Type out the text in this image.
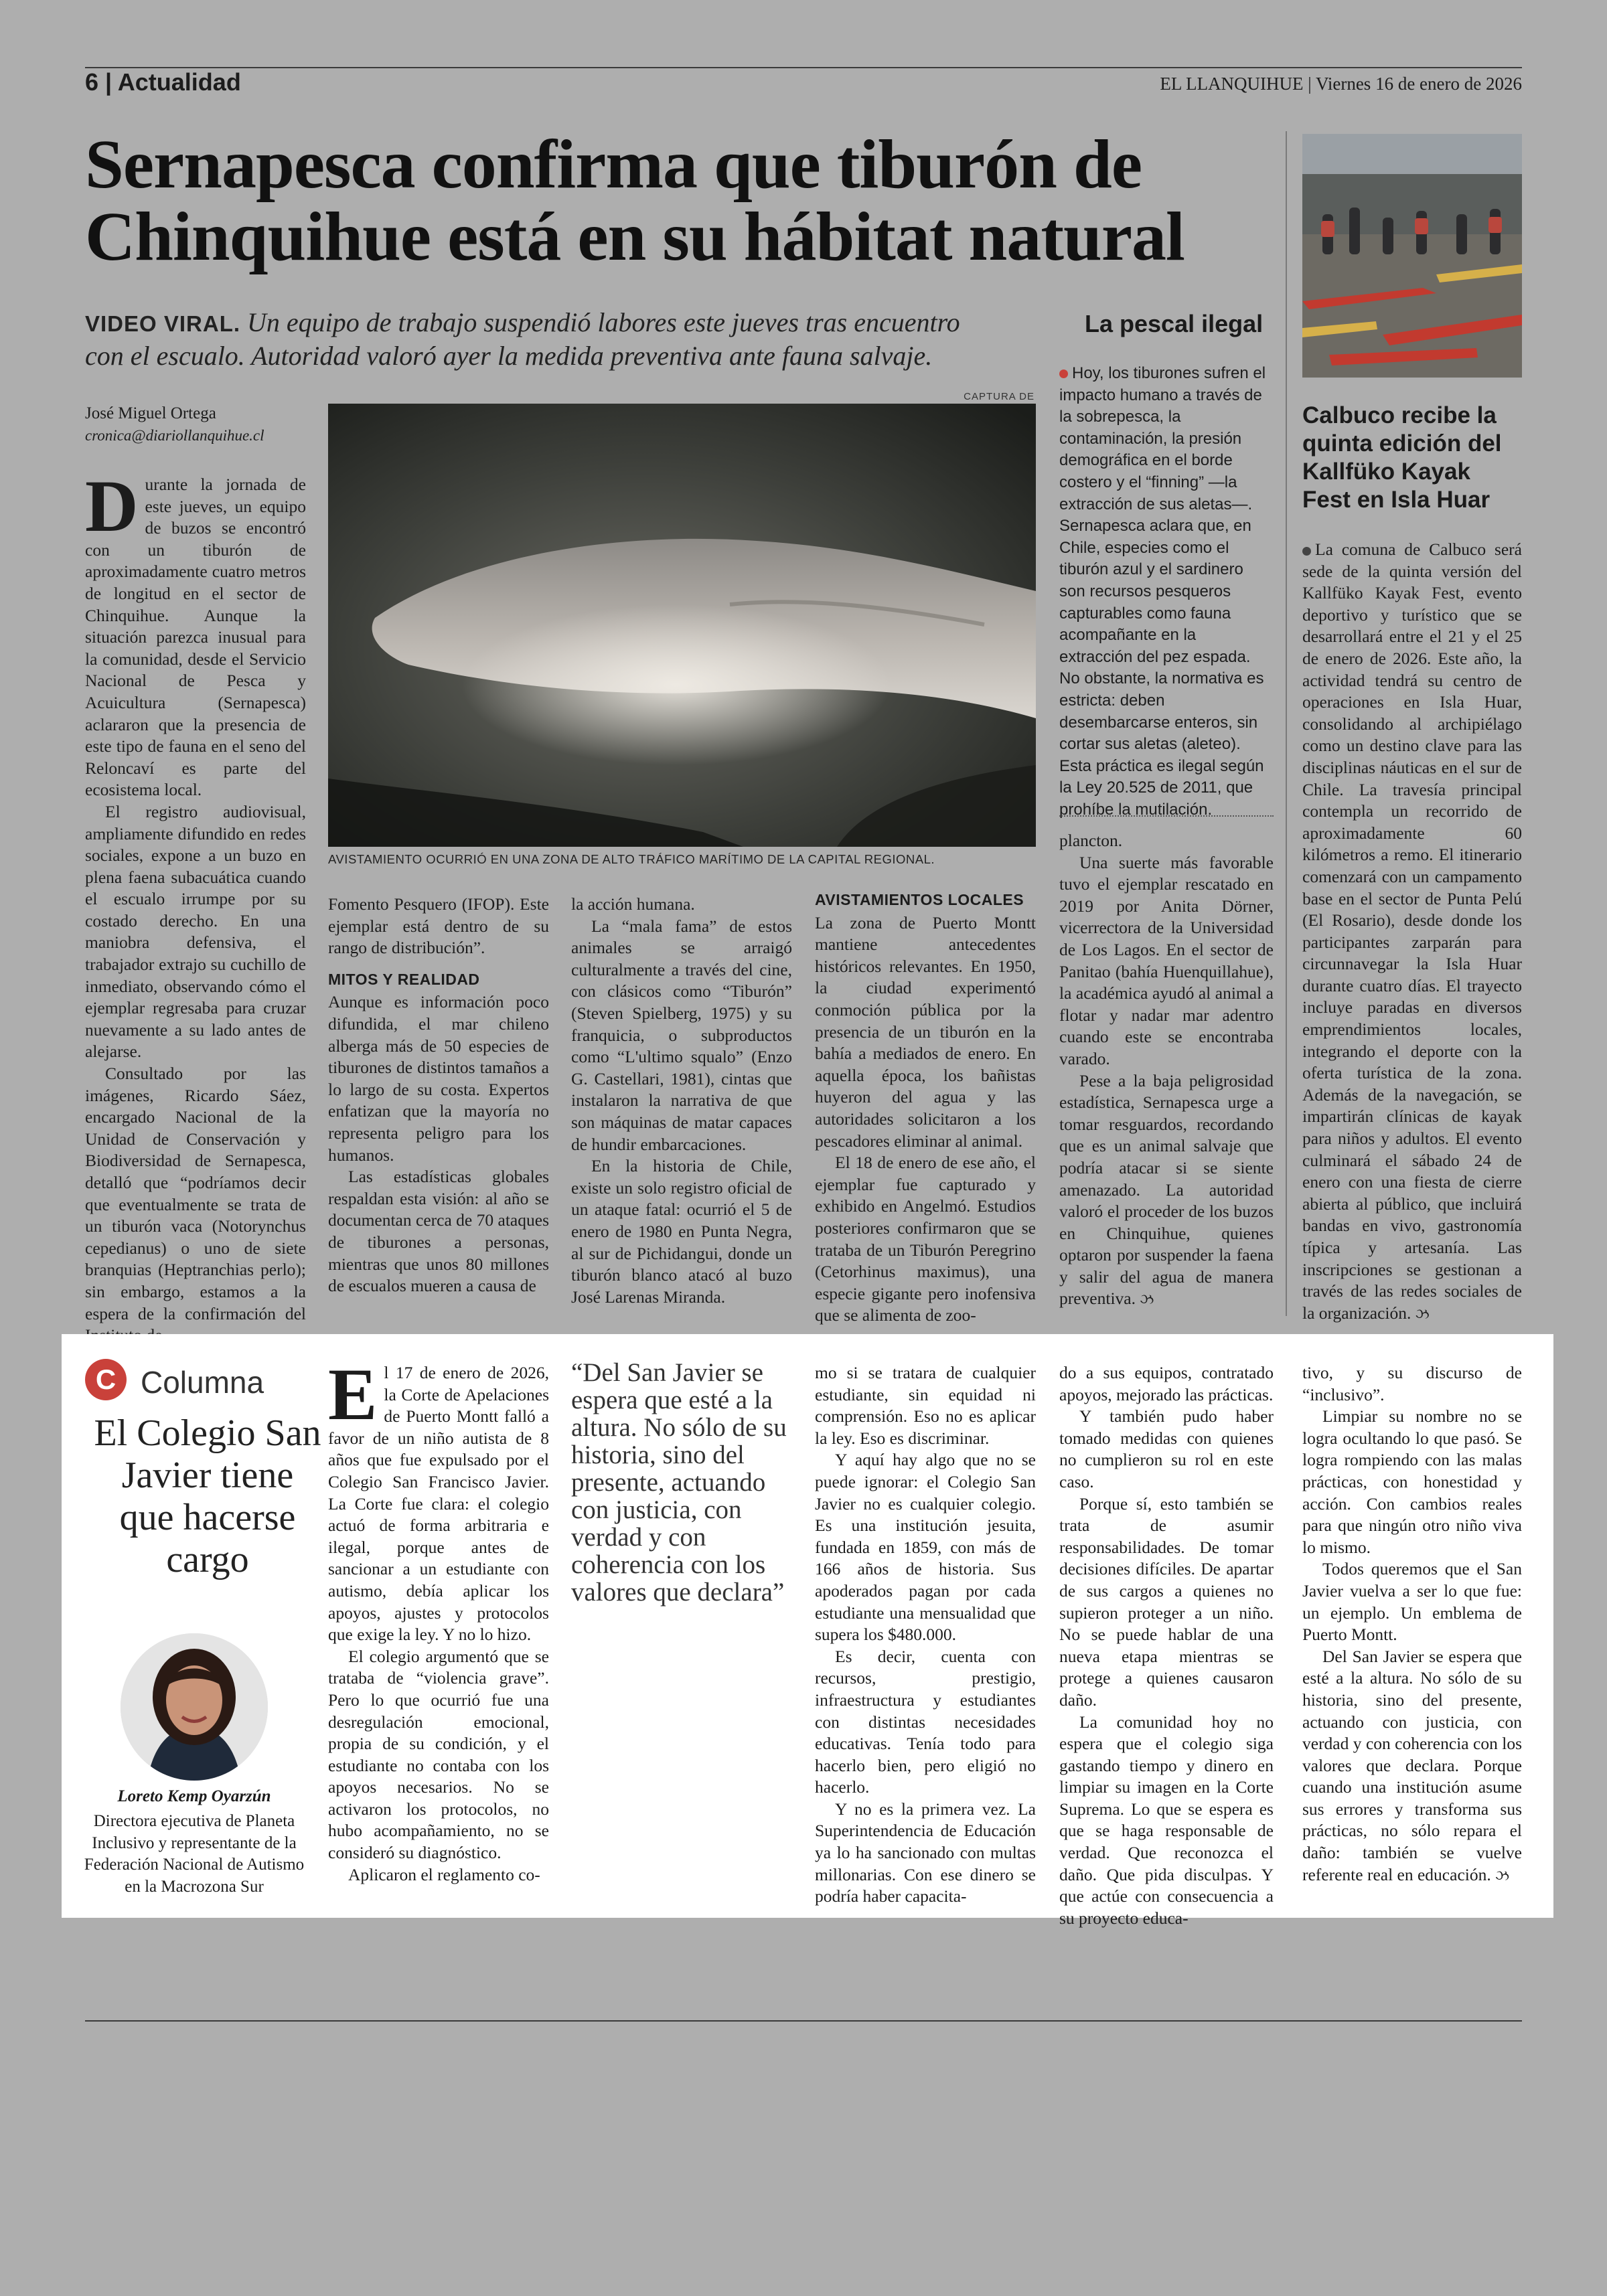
6 | Actualidad	EL LLANQUIHUE | Viernes 16 de enero de 2026
Sernapesca confirma que tiburón de
Chinquihue está en su hábitat natural
VIDEO VIRAL. Un equipo de trabajo suspendió labores este jueves tras encuentro
con el escualo. Autoridad valoró ayer la medida preventiva ante fauna salvaje.
José Miguel Ortega
cronica@diariollanquihue.cl
CAPTURA DE
AVISTAMIENTO OCURRIÓ EN UNA ZONA DE ALTO TRÁFICO MARÍTIMO DE LA CAPITAL REGIONAL.

Durante la jornada de este jueves, un equipo de buzos se encontró con un tiburón de aproximadamente cuatro metros de longitud en el sector de Chinquihue. Aunque la situación parezca inusual para la comunidad, desde el Servicio Nacional de Pesca y Acuicultura (Sernapesca) aclararon que la presencia de este tipo de fauna en el seno del Reloncaví es parte del ecosistema local.

El registro audiovisual, ampliamente difundido en redes sociales, expone a un buzo en plena faena subacuática cuando el escualo irrumpe por su costado derecho. En una maniobra defensiva, el trabajador extrajo su cuchillo de inmediato, observando cómo el ejemplar regresaba para cruzar nuevamente a su lado antes de alejarse.

Consultado por las imágenes, Ricardo Sáez, encargado Nacional de la Unidad de Conservación y Biodiversidad de Sernapesca, detalló que “podríamos decir que eventualmente se trata de un tiburón vaca (Notorynchus cepedianus) o uno de siete branquias (Heptranchias perlo); sin embargo, estamos a la espera de la confirmación del

Fomento Pesquero (IFOP). Este ejemplar está dentro de su rango de distribución”.

MITOS Y REALIDAD

Aunque es información poco difundida, el mar chileno alberga más de 50 especies de tiburones de distintos tamaños a lo largo de su costa. Expertos enfatizan que la mayoría no representa peligro para los humanos.

Las estadísticas globales respaldan esta visión: al año se documentan cerca de 70 ataques de tiburones a personas, mientras que unos 80 millones de escualos mueren a causa de

la acción humana.

La “mala fama” de estos animales se arraigó culturalmente a través del cine, con clásicos como “Tiburón” (Steven Spielberg, 1975) y su franquicia, o subproductos como “L'ultimo squalo” (Enzo G. Castellari, 1981), cintas que instalaron la narrativa de que son máquinas de matar capaces de hundir embarcaciones.

En la historia de Chile, existe un solo registro oficial de un ataque fatal: ocurrió el 5 de enero de 1980 en Punta Negra, al sur de Pichidangui, donde un tiburón blanco atacó al buzo José Larenas Miranda.

AVISTAMIENTOS LOCALES

La zona de Puerto Montt mantiene antecedentes históricos relevantes. En 1950, la ciudad experimentó conmoción pública por la presencia de un tiburón en la bahía a mediados de enero. En aquella época, los bañistas huyeron del agua y las autoridades solicitaron a los pescadores eliminar al animal.

El 18 de enero de ese año, el ejemplar fue capturado y exhibido en Angelmó. Estudios posteriores confirmaron que se trataba de un Tiburón Peregrino (Cetorhinus maximus), una especie gigante pero inofensiva que se alimenta de zoo-

La pescal ilegal
Hoy, los tiburones sufren el impacto humano a través de la sobrepesca, la contaminación, la presión demográfica en el borde costero y el “finning” —la extracción de sus aletas—. Sernapesca aclara que, en Chile, especies como el tiburón azul y el sardinero son recursos pesqueros capturables como fauna acompañante en la extracción del pez espada. No obstante, la normativa es estricta: deben desembarcarse enteros, sin cortar sus aletas (aleteo). Esta práctica es ilegal según la Ley 20.525 de 2011, que prohíbe la mutilación.

plancton.

Una suerte más favorable tuvo el ejemplar rescatado en 2019 por Anita Dörner, vicerrectora de la Universidad de Los Lagos. En el sector de Panitao (bahía Huenquillahue), la académica ayudó al animal a flotar y nadar mar adentro cuando este se encontraba varado.

Pese a la baja peligrosidad estadística, Sernapesca urge a tomar resguardos, recordando que es un animal salvaje que podría atacar si se siente amenazado. La autoridad valoró el proceder de los buzos en Chinquihue, quienes optaron por suspender la faena y salir del agua de manera preventiva. ઝ

Calbuco recibe la quinta edición del Kallfüko Kayak Fest en Isla Huar

La comuna de Calbuco será sede de la quinta versión del Kallfüko Kayak Fest, evento deportivo y turístico que se desarrollará entre el 21 y el 25 de enero de 2026. Este año, la actividad tendrá su centro de operaciones en Isla Huar, consolidando al archipiélago como un destino clave para las disciplinas náuticas en el sur de Chile. La travesía principal contempla un recorrido de aproximadamente 60 kilómetros a remo. El itinerario comenzará con un campamento base en el sector de Punta Pelú (El Rosario), desde donde los participantes zarparán para circunnavegar la Isla Huar durante cuatro días. El trayecto incluye paradas en diversos emprendimientos locales, integrando el deporte con la oferta turística de la zona. Además de la navegación, se impartirán clínicas de kayak para niños y adultos. El evento culminará el sábado 24 de enero con una fiesta de cierre abierta al público, que incluirá bandas en vivo, gastronomía típica y artesanía. Las inscripciones se gestionan a través de las redes sociales de la organización. ઝ

C Columna
El Colegio San Javier tiene que hacerse cargo
Loreto Kemp Oyarzún
Directora ejecutiva de Planeta Inclusivo y representante de la Federación Nacional de Autismo en la Macrozona Sur

El 17 de enero de 2026, la Corte de Apelaciones de Puerto Montt falló a favor de un niño autista de 8 años que fue expulsado por el Colegio San Francisco Javier. La Corte fue clara: el colegio actuó de forma arbitraria e ilegal, porque antes de sancionar a un estudiante con autismo, debía aplicar los apoyos, ajustes y protocolos que exige la ley. Y no lo hizo.

El colegio argumentó que se trataba de “violencia grave”. Pero lo que ocurrió fue una desregulación emocional, propia de su condición, y el estudiante no contaba con los apoyos necesarios. No se activaron los protocolos, no hubo acompañamiento, no se consideró su diagnóstico.

Aplicaron el reglamento co-

“Del San Javier se espera que esté a la altura. No sólo de su historia, sino del presente, actuando con justicia, con verdad y con coherencia con los valores que declara”

mo si se tratara de cualquier estudiante, sin equidad ni comprensión. Eso no es aplicar la ley. Eso es discriminar.

Y aquí hay algo que no se puede ignorar: el Colegio San Javier no es cualquier colegio. Es una institución jesuita, fundada en 1859, con más de 166 años de historia. Sus apoderados pagan por cada estudiante una mensualidad que supera los $480.000.

Es decir, cuenta con recursos, prestigio, infraestructura y estudiantes con distintas necesidades educativas. Tenía todo para hacerlo bien, pero eligió no hacerlo.

Y no es la primera vez. La Superintendencia de Educación ya lo ha sancionado con multas millonarias. Con ese dinero se podría haber capacita-

do a sus equipos, contratado apoyos, mejorado las prácticas.

Y también pudo haber tomado medidas con quienes no cumplieron su rol en este caso.

Porque sí, esto también se trata de asumir responsabilidades. De tomar decisiones difíciles. De apartar de sus cargos a quienes no supieron proteger a un niño. No se puede hablar de una nueva etapa mientras se protege a quienes causaron daño.

La comunidad hoy no espera que el colegio siga gastando tiempo y dinero en limpiar su imagen en la Corte Suprema. Lo que se espera es que se haga responsable de verdad. Que reconozca el daño. Que pida disculpas. Y que actúe con consecuencia a su proyecto educa-

tivo, y su discurso de “inclusivo”.

Limpiar su nombre no se logra ocultando lo que pasó. Se logra rompiendo con las malas prácticas, con honestidad y acción. Con cambios reales para que ningún otro niño viva lo mismo.

Todos queremos que el San Javier vuelva a ser lo que fue: un ejemplo. Un emblema de Puerto Montt.

Del San Javier se espera que esté a la altura. No sólo de su historia, sino del presente, actuando con justicia, con verdad y con coherencia con los valores que declara. Porque cuando una institución asume sus errores y transforma sus prácticas, no sólo repara el daño: también se vuelve referente real en educación. ઝ
